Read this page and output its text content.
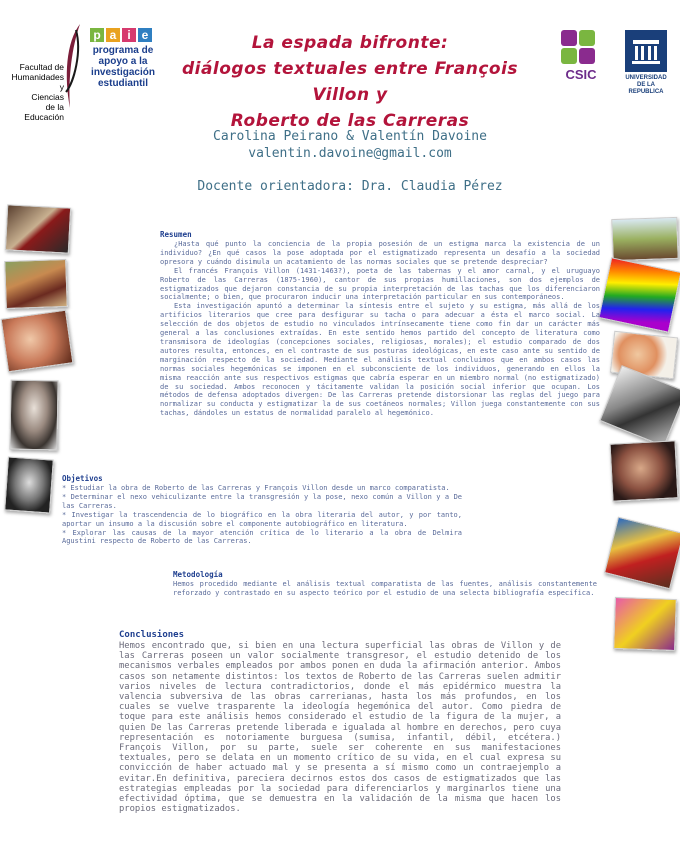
Facultad de
Humanidades y
Ciencias
de la Educación
p a i e
programa de
apoyo a la
investigación
estudiantil
La espada bifronte:
diálogos textuales entre François Villon y
Roberto de las Carreras
CSIC	UNIVERSIDAD
DE LA REPUBLICA
Carolina Peirano & Valentín Davoine
valentin.davoine@gmail.com
Docente orientadora: Dra. Claudia Pérez
Resumen

¿Hasta qué punto la conciencia de la propia posesión de un estigma marca la existencia de un individuo? ¿En qué casos la pose adoptada por el estigmatizado representa un desafío a la sociedad opresora y cuándo disimula un acatamiento de las normas sociales que se pretende despreciar?

El francés François Villon (1431-1463?), poeta de las tabernas y el amor carnal, y el uruguayo Roberto de las Carreras (1875-1960), cantor de sus propias humillaciones, son dos ejemplos de estigmatizados que dejaron constancia de su propia interpretación de las tachas que los diferenciaron socialmente; o bien, que procuraron inducir una interpretación particular en sus contemporáneos.

Esta investigación apuntó a determinar la síntesis entre el sujeto y su estigma, más allá de los artificios literarios que cree para desfigurar su tacha o para adecuar a ésta el marco social. La selección de dos objetos de estudio no vinculados intrínsecamente tiene como fin dar un carácter más general a las conclusiones extraídas. En este sentido hemos partido del concepto de literatura como transmisora de ideologías (concepciones sociales, religiosas, morales); el estudio comparado de dos autores resulta, entonces, en el contraste de sus posturas ideológicas, en este caso ante su sentido de marginación respecto de la sociedad. Mediante el análisis textual concluimos que en ambos casos las normas sociales hegemónicas se imponen en el subconsciente de los individuos, generando en ellos la misma reacción ante sus respectivos estigmas que cabría esperar en un miembro normal (no estigmatizado) de su sociedad. Ambos reconocen y tácitamente validan la posición social inferior que ocupan. Los métodos de defensa adoptados divergen: De las Carreras pretende distorsionar las reglas del juego para normalizar su conducta y estigmatizar la de sus coetáneos normales; Villon juega constantemente con sus tachas, dándoles un estatus de normalidad paralelo al hegemónico.

Objetivos

* Estudiar la obra de Roberto de las Carreras y François Villon desde un marco comparatista.

* Determinar el nexo vehiculizante entre la transgresión y la pose, nexo común a Villon y a De las Carreras.

* Investigar la trascendencia de lo biográfico en la obra literaria del autor, y por tanto, aportar un insumo a la discusión sobre el componente autobiográfico en literatura.

* Explorar las causas de la mayor atención crítica de lo literario a la obra de Delmira Agustini respecto de Roberto de las Carreras.

Metodología

Hemos procedido mediante el análisis textual comparatista de las fuentes, análisis constantemente reforzado y contrastado en su aspecto teórico por el estudio de una selecta bibliografía específica.

Conclusiones

Hemos encontrado que, si bien en una lectura superficial las obras de Villon y de las Carreras poseen un valor socialmente transgresor, el estudio detenido de los mecanismos verbales empleados por ambos ponen en duda la afirmación anterior. Ambos casos son netamente distintos: los textos de Roberto de las Carreras suelen admitir varios niveles de lectura contradictorios, donde el más epidérmico muestra la valencia subversiva de las obras carrerianas, hasta los más profundos, en los cuales se vuelve trasparente la ideología hegemónica del autor. Como piedra de toque para este análisis hemos considerado el estudio de la figura de la mujer, a quien De las Carreras pretende liberada e igualada al hombre en derechos, pero cuya representación es notoriamente burguesa (sumisa, infantil, débil, etcétera.) François Villon, por su parte, suele ser coherente en sus manifestaciones textuales, pero se delata en un momento crítico de su vida, en el cual expresa su convicción de haber actuado mal y se presenta a sí mismo como un contraejemplo a evitar.En definitiva, pareciera decirnos estos dos casos de estigmatizados que las estrategias empleadas por la sociedad para diferenciarlos y marginarlos tiene una efectividad óptima, que se demuestra en la validación de la misma que hacen los propios estigmatizados.
